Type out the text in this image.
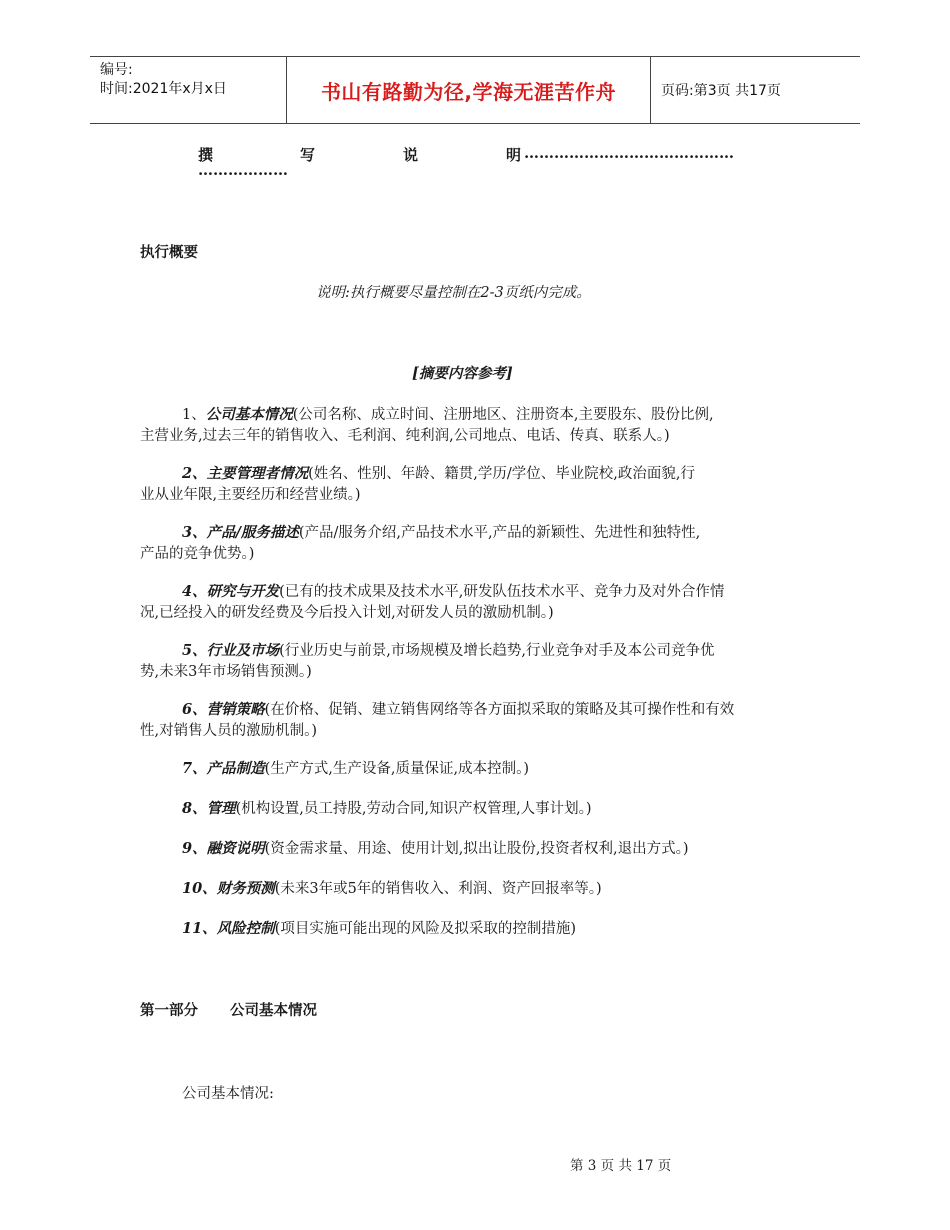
编号:
时间:2021年x月x日	书山有路勤为径,学海无涯苦作舟	页码:第3页 共17页
撰	写	说	明 ……………………………………
………………
执行概要
说明:执行概要尽量控制在2-3页纸内完成。
[摘要内容参考]
1、公司基本情况(公司名称、成立时间、注册地区、注册资本,主要股东、股份比例,
主营业务,过去三年的销售收入、毛利润、纯利润,公司地点、电话、传真、联系人。)
2、主要管理者情况(姓名、性别、年龄、籍贯,学历/学位、毕业院校,政治面貌,行
业从业年限,主要经历和经营业绩。)
3、产品/服务描述(产品/服务介绍,产品技术水平,产品的新颖性、先进性和独特性,
产品的竞争优势。)
4、研究与开发(已有的技术成果及技术水平,研发队伍技术水平、竞争力及对外合作情
况,已经投入的研发经费及今后投入计划,对研发人员的激励机制。)
5、行业及市场(行业历史与前景,市场规模及增长趋势,行业竞争对手及本公司竞争优
势,未来3年市场销售预测。)
6、营销策略(在价格、促销、建立销售网络等各方面拟采取的策略及其可操作性和有效
性,对销售人员的激励机制。)
7、产品制造(生产方式,生产设备,质量保证,成本控制。)
8、管理(机构设置,员工持股,劳动合同,知识产权管理,人事计划。)
9、融资说明(资金需求量、用途、使用计划,拟出让股份,投资者权利,退出方式。)
10、财务预测(未来3年或5年的销售收入、利润、资产回报率等。)
11、风险控制(项目实施可能出现的风险及拟采取的控制措施)
第一部分 公司基本情况
公司基本情况:
第 3 页 共 17 页
